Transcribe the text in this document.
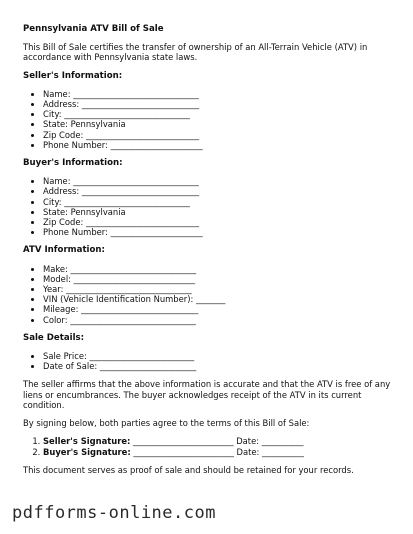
Pennsylvania ATV Bill of Sale

This Bill of Sale certifies the transfer of ownership of an All-Terrain Vehicle (ATV) in accordance with Pennsylvania state laws.

Seller's Information:
• Name: ______________________________
• Address: ____________________________
• City: ______________________________
• State: Pennsylvania
• Zip Code: ___________________________
• Phone Number: ______________________
Buyer's Information:
• Name: ______________________________
• Address: ____________________________
• City: ______________________________
• State: Pennsylvania
• Zip Code: ___________________________
• Phone Number: ______________________
ATV Information:
• Make: ______________________________
• Model: _____________________________
• Year: ______________________________
• VIN (Vehicle Identification Number): _______
• Mileage: ____________________________
• Color: ______________________________
Sale Details:
• Sale Price: _________________________
• Date of Sale: _______________________

The seller affirms that the above information is accurate and that the ATV is free of any liens or encumbrances. The buyer acknowledges receipt of the ATV in its current condition.

By signing below, both parties agree to the terms of this Bill of Sale:

1. Seller's Signature: ________________________ Date: __________
2. Buyer's Signature: ________________________ Date: __________

This document serves as proof of sale and should be retained for your records.

pdfforms-online.com
